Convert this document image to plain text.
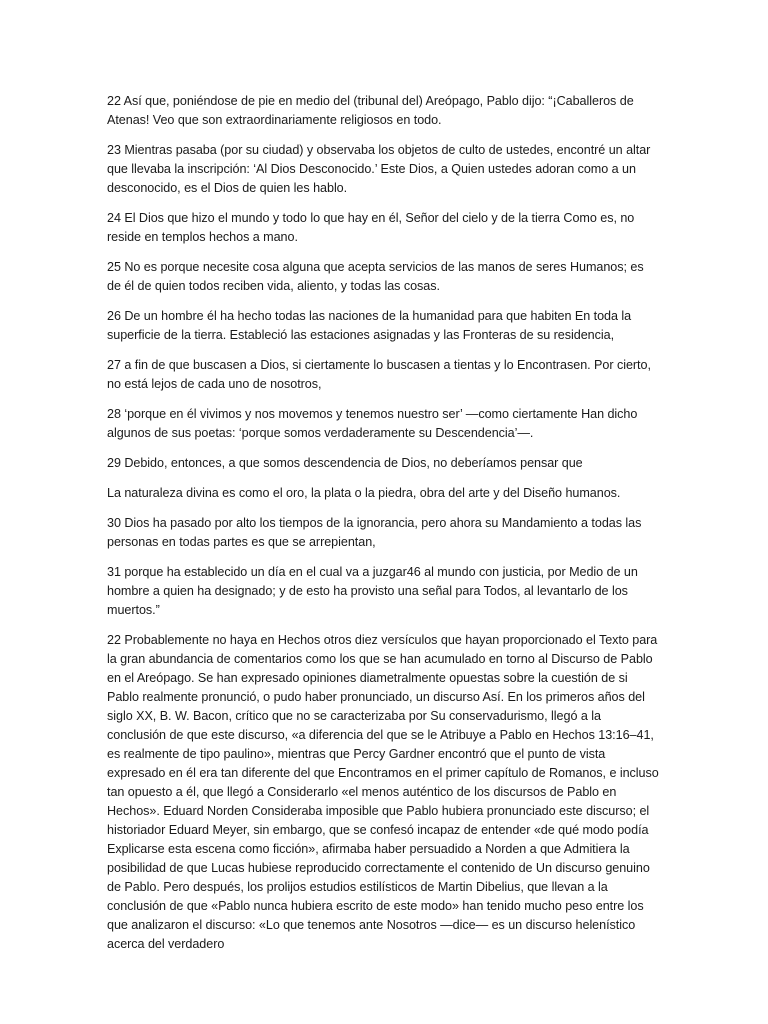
22 Así que, poniéndose de pie en medio del (tribunal del) Areópago, Pablo dijo: “¡Caballeros de Atenas! Veo que son extraordinariamente religiosos en todo.

23 Mientras pasaba (por su ciudad) y observaba los objetos de culto de ustedes, encontré un altar que llevaba la inscripción: ‘Al Dios Desconocido.’ Este Dios, a Quien ustedes adoran como a un desconocido, es el Dios de quien les hablo.

24 El Dios que hizo el mundo y todo lo que hay en él, Señor del cielo y de la tierra Como es, no reside en templos hechos a mano.

25 No es porque necesite cosa alguna que acepta servicios de las manos de seres Humanos; es de él de quien todos reciben vida, aliento, y todas las cosas.

26 De un hombre él ha hecho todas las naciones de la humanidad para que habiten En toda la superficie de la tierra. Estableció las estaciones asignadas y las Fronteras de su residencia,

27 a fin de que buscasen a Dios, si ciertamente lo buscasen a tientas y lo Encontrasen. Por cierto, no está lejos de cada uno de nosotros,

28 ‘porque en él vivimos y nos movemos y tenemos nuestro ser’ —como ciertamente Han dicho algunos de sus poetas: ‘porque somos verdaderamente su Descendencia’—.

29 Debido, entonces, a que somos descendencia de Dios, no deberíamos pensar que

La naturaleza divina es como el oro, la plata o la piedra, obra del arte y del Diseño humanos.

30 Dios ha pasado por alto los tiempos de la ignorancia, pero ahora su Mandamiento a todas las personas en todas partes es que se arrepientan,

31 porque ha establecido un día en el cual va a juzgar46 al mundo con justicia, por Medio de un hombre a quien ha designado; y de esto ha provisto una señal para Todos, al levantarlo de los muertos.”

22 Probablemente no haya en Hechos otros diez versículos que hayan proporcionado el Texto para la gran abundancia de comentarios como los que se han acumulado en torno al Discurso de Pablo en el Areópago. Se han expresado opiniones diametralmente opuestas sobre la cuestión de si Pablo realmente pronunció, o pudo haber pronunciado, un discurso Así. En los primeros años del siglo XX, B. W. Bacon, crítico que no se caracterizaba por Su conservadurismo, llegó a la conclusión de que este discurso, «a diferencia del que se le Atribuye a Pablo en Hechos 13:16–41, es realmente de tipo paulino», mientras que Percy Gardner encontró que el punto de vista expresado en él era tan diferente del que Encontramos en el primer capítulo de Romanos, e incluso tan opuesto a él, que llegó a Considerarlo «el menos auténtico de los discursos de Pablo en Hechos». Eduard Norden Consideraba imposible que Pablo hubiera pronunciado este discurso; el historiador Eduard Meyer, sin embargo, que se confesó incapaz de entender «de qué modo podía Explicarse esta escena como ficción», afirmaba haber persuadido a Norden a que Admitiera la posibilidad de que Lucas hubiese reproducido correctamente el contenido de Un discurso genuino de Pablo. Pero después, los prolijos estudios estilísticos de Martin Dibelius, que llevan a la conclusión de que «Pablo nunca hubiera escrito de este modo» han tenido mucho peso entre los que analizaron el discurso: «Lo que tenemos ante Nosotros —dice— es un discurso helenístico acerca del verdadero
